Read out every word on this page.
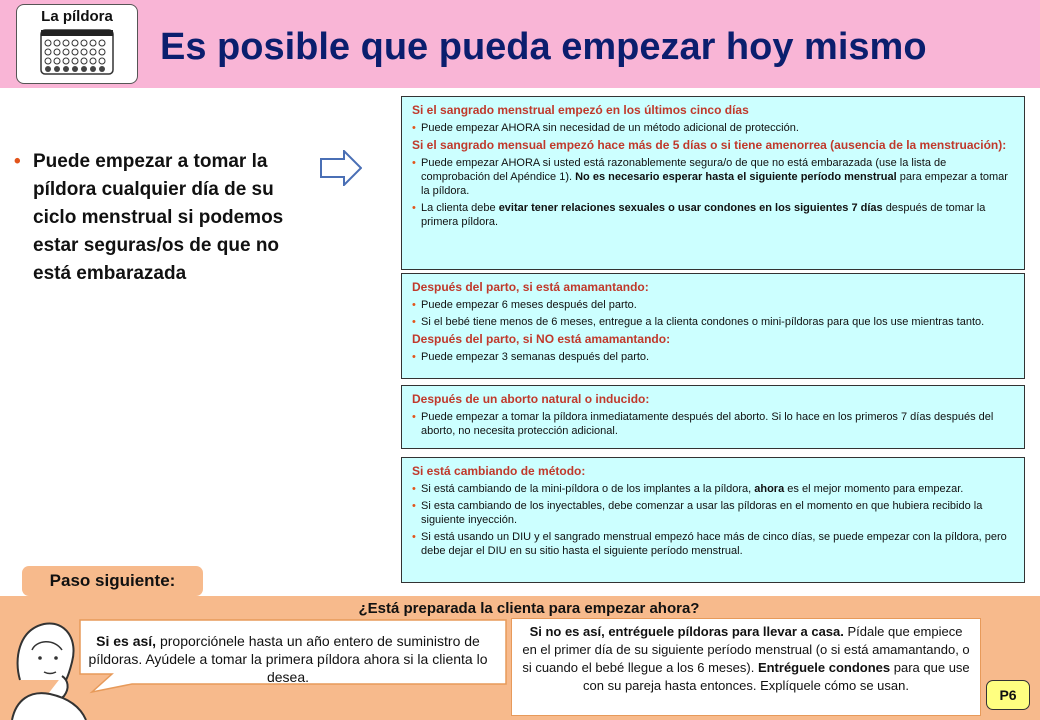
La píldora
Es posible que pueda empezar hoy mismo
• Puede empezar a tomar la píldora cualquier día de su ciclo menstrual si podemos estar seguras/os de que no está embarazada
Si el sangrado menstrual empezó en los últimos cinco días
• Puede empezar AHORA sin necesidad de un método adicional de protección.
Si el sangrado mensual empezó hace más de 5 días o si tiene amenorrea (ausencia de la menstruación):
• Puede empezar AHORA si usted está razonablemente segura/o de que no está embarazada (use la lista de comprobación del Apéndice 1). No es necesario esperar hasta el siguiente período menstrual para empezar a tomar la píldora.
• La clienta debe evitar tener relaciones sexuales o usar condones en los siguientes 7 días después de tomar la primera píldora.
Después del parto, si está amamantando:
• Puede empezar 6 meses después del parto.
• Si el bebé tiene menos de 6 meses, entregue a la clienta condones o mini-píldoras para que los use mientras tanto.
Después del parto, si NO está amamantando:
• Puede empezar 3 semanas después del parto.
Después de un aborto natural o inducido:
• Puede empezar a tomar la píldora inmediatamente después del aborto. Si lo hace en los primeros 7 días después del aborto, no necesita protección adicional.
Si está cambiando de método:
• Si está cambiando de la mini-píldora o de los implantes a la píldora, ahora es el mejor momento para empezar.
• Si esta cambiando de los inyectables, debe comenzar a usar las píldoras en el momento en que hubiera recibido la siguiente inyección.
• Si está usando un DIU y el sangrado menstrual empezó hace más de cinco días, se puede empezar con la píldora, pero debe dejar el DIU en su sitio hasta el siguiente período menstrual.
Paso siguiente:
¿Está preparada la clienta para empezar ahora?
Si es así, proporciónele hasta un año entero de suministro de píldoras. Ayúdele a tomar la primera píldora ahora si la clienta lo desea.
Si no es así, entréguele píldoras para llevar a casa. Pídale que empiece en el primer día de su siguiente período menstrual (o si está amamantando, o si cuando el bebé llegue a los 6 meses). Entréguele condones para que use con su pareja hasta entonces. Explíquele cómo se usan.
P6
